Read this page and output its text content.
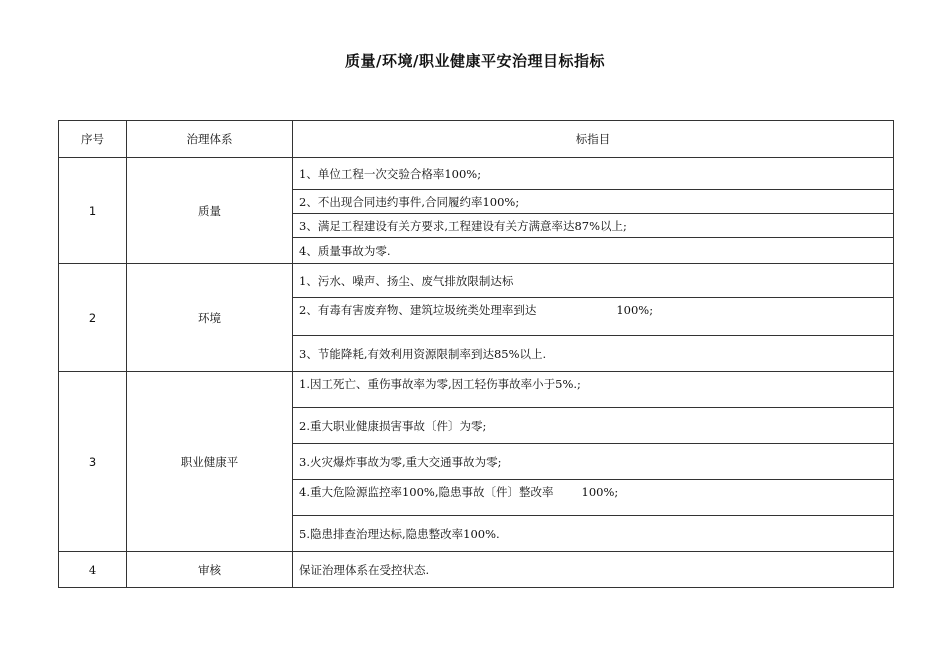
质量/环境/职业健康平安治理目标指标
序号	治理体系	标指目
1	质量	1、单位工程一次交验合格率100%;
		2、不出现合同违约事件,合同履约率100%;
		3、满足工程建设有关方要求,工程建设有关方满意率达87%以上;
		4、质量事故为零.
2	环境	1、污水、噪声、扬尘、废气排放限制达标
		2、有毒有害废弃物、建筑垃圾统类处理率到达 100%;
		3、节能降耗,有效利用资源限制率到达85%以上.
3	职业健康平	1.因工死亡、重伤事故率为零,因工轻伤事故率小于5%.;
		2.重大职业健康损害事故〔件〕为零;
		3.火灾爆炸事故为零,重大交通事故为零;
		4.重大危险源监控率100%,隐患事故〔件〕整改率 100%;
		5.隐患排查治理达标,隐患整改率100%.
4	审核	保证治理体系在受控状态.
